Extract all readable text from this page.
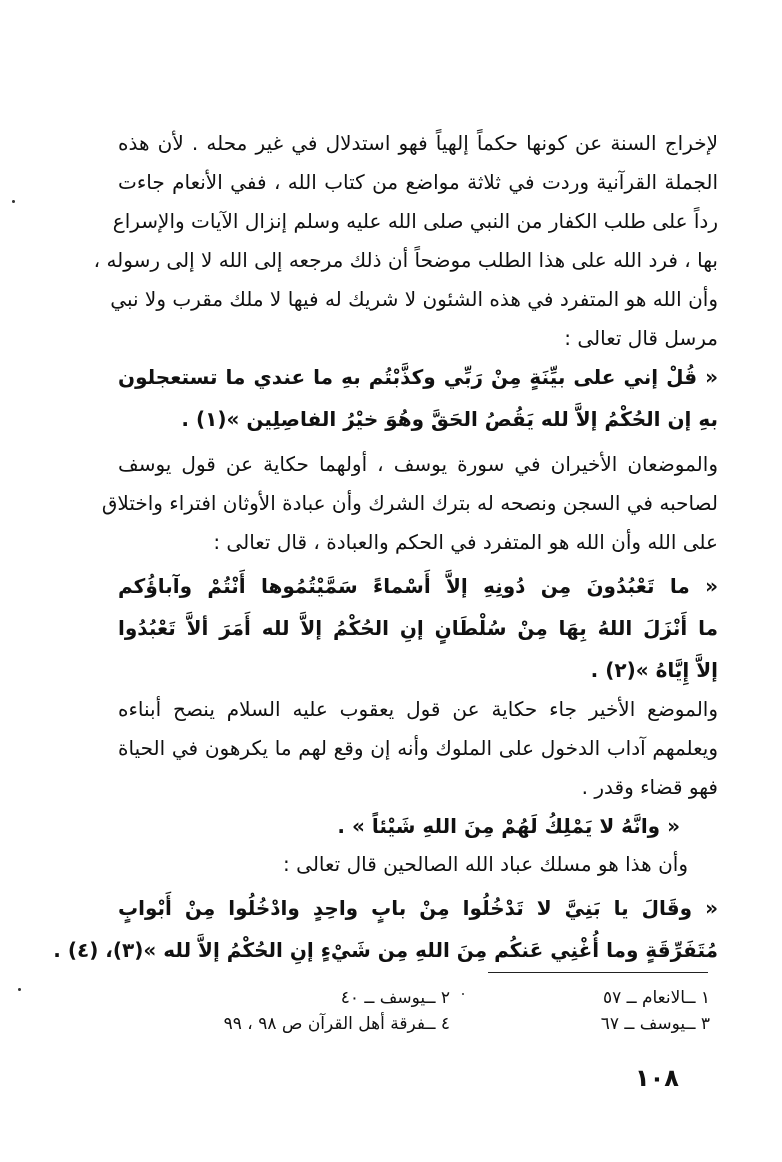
لإخراج السنة عن كونها حكماً إلهياً فهو استدلال في غير محله . لأن هذه
الجملة القرآنية وردت في ثلاثة مواضع من كتاب الله ، ففي الأنعام جاءت
رداً على طلب الكفار من النبي صلى الله عليه وسلم إنزال الآيات والإسراع
بها ، فرد الله على هذا الطلب موضحاً أن ذلك مرجعه إلى الله لا إلى رسوله ،
وأن الله هو المتفرد في هذه الشئون لا شريك له فيها لا ملك مقرب ولا نبي
مرسل قال تعالى :
« قُلْ إني على بيِّنَةٍ مِنْ رَبِّي وكذَّبْتُم بهِ ما عندي ما تستعجلون
بهِ إن الحُكْمُ إلاَّ لله يَقُصُ الحَقَّ وهُوَ خيْرُ الفاصِلِين »(١) .
والموضعان الأخيران في سورة يوسف ، أولهما حكاية عن قول يوسف
لصاحبه في السجن ونصحه له بترك الشرك وأن عبادة الأوثان افتراء واختلاق
على الله وأن الله هو المتفرد في الحكم والعبادة ، قال تعالى :
« ما تَعْبُدُونَ مِن دُونِهِ إلاَّ أَسْماءً سَمَّيْتُمُوها أَنْتُمْ وآباؤُكم
ما أَنْزَلَ اللهُ بِهَا مِنْ سُلْطَانٍ إنِ الحُكْمُ إلاَّ لله أَمَرَ ألاَّ تَعْبُدُوا
إلاَّ إِيَّاهُ »(٢) .
والموضع الأخير جاء حكاية عن قول يعقوب عليه السلام ينصح أبناءه
ويعلمهم آداب الدخول على الملوك وأنه إن وقع لهم ما يكرهون في الحياة
فهو قضاء وقدر .
« وانَّهُ لا يَمْلِكُ لَهُمْ مِنَ اللهِ شَيْئاً » .
وأن هذا هو مسلك عباد الله الصالحين قال تعالى :
« وقَالَ يا بَنِيَّ لا تَدْخُلُوا مِنْ بابٍ واحِدٍ وادْخُلُوا مِنْ أَبْوابٍ
مُتَفَرِّقَةٍ وما أُغْنِي عَنكُم مِنَ اللهِ مِن شَيْءٍ إنِ الحُكْمُ إلاَّ لله »(٣)، (٤) .
١ ــالانعام ــ ٥٧
٢ ــيوسف ــ ٤٠
٣ ــيوسف ــ ٦٧
٤ ــفرقة أهل القرآن ص ٩٨ ، ٩٩
١٠٨
